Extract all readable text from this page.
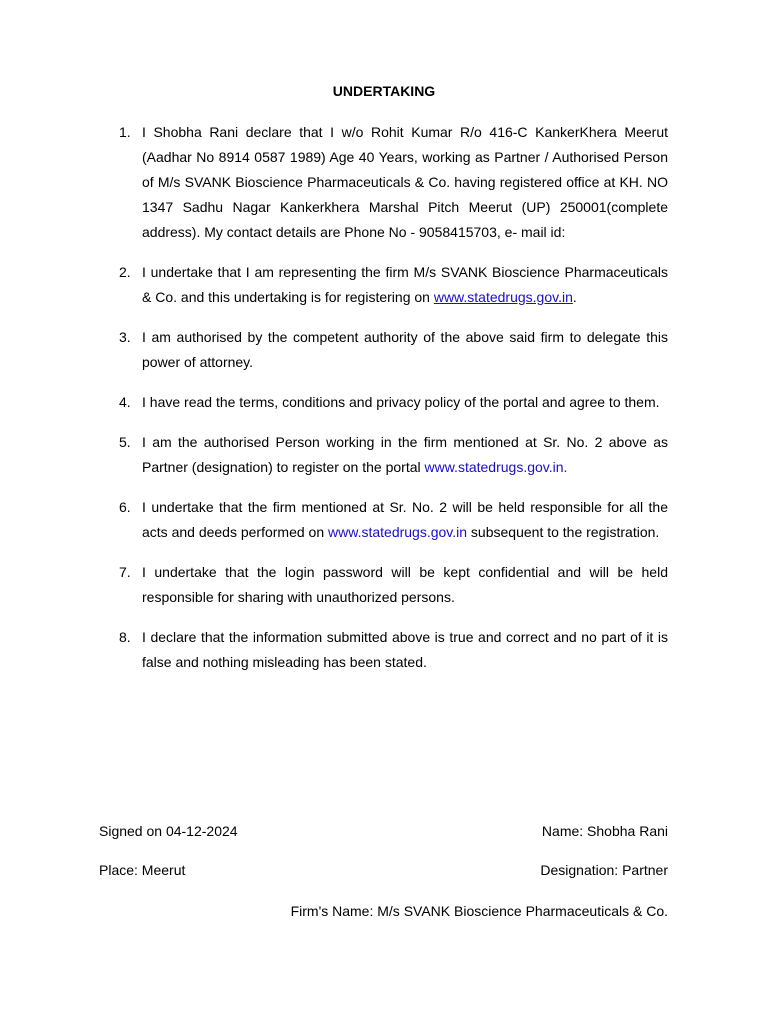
UNDERTAKING
1. I Shobha Rani declare that I w/o Rohit Kumar R/o 416-C KankerKhera Meerut (Aadhar No 8914 0587 1989) Age 40 Years, working as Partner / Authorised Person of M/s SVANK Bioscience Pharmaceuticals & Co. having registered office at KH. NO 1347 Sadhu Nagar Kankerkhera Marshal Pitch Meerut (UP) 250001(complete address). My contact details are Phone No - 9058415703, e- mail id:
2. I undertake that I am representing the firm M/s SVANK Bioscience Pharmaceuticals & Co. and this undertaking is for registering on www.statedrugs.gov.in.
3. I am authorised by the competent authority of the above said firm to delegate this power of attorney.
4. I have read the terms, conditions and privacy policy of the portal and agree to them.
5. I am the authorised Person working in the firm mentioned at Sr. No. 2 above as Partner (designation) to register on the portal www.statedrugs.gov.in.
6. I undertake that the firm mentioned at Sr. No. 2 will be held responsible for all the acts and deeds performed on www.statedrugs.gov.in subsequent to the registration.
7. I undertake that the login password will be kept confidential and will be held responsible for sharing with unauthorized persons.
8. I declare that the information submitted above is true and correct and no part of it is false and nothing misleading has been stated.
Signed on 04-12-2024	Name: Shobha Rani
Place: Meerut	Designation: Partner
Firm's Name: M/s SVANK Bioscience Pharmaceuticals & Co.
